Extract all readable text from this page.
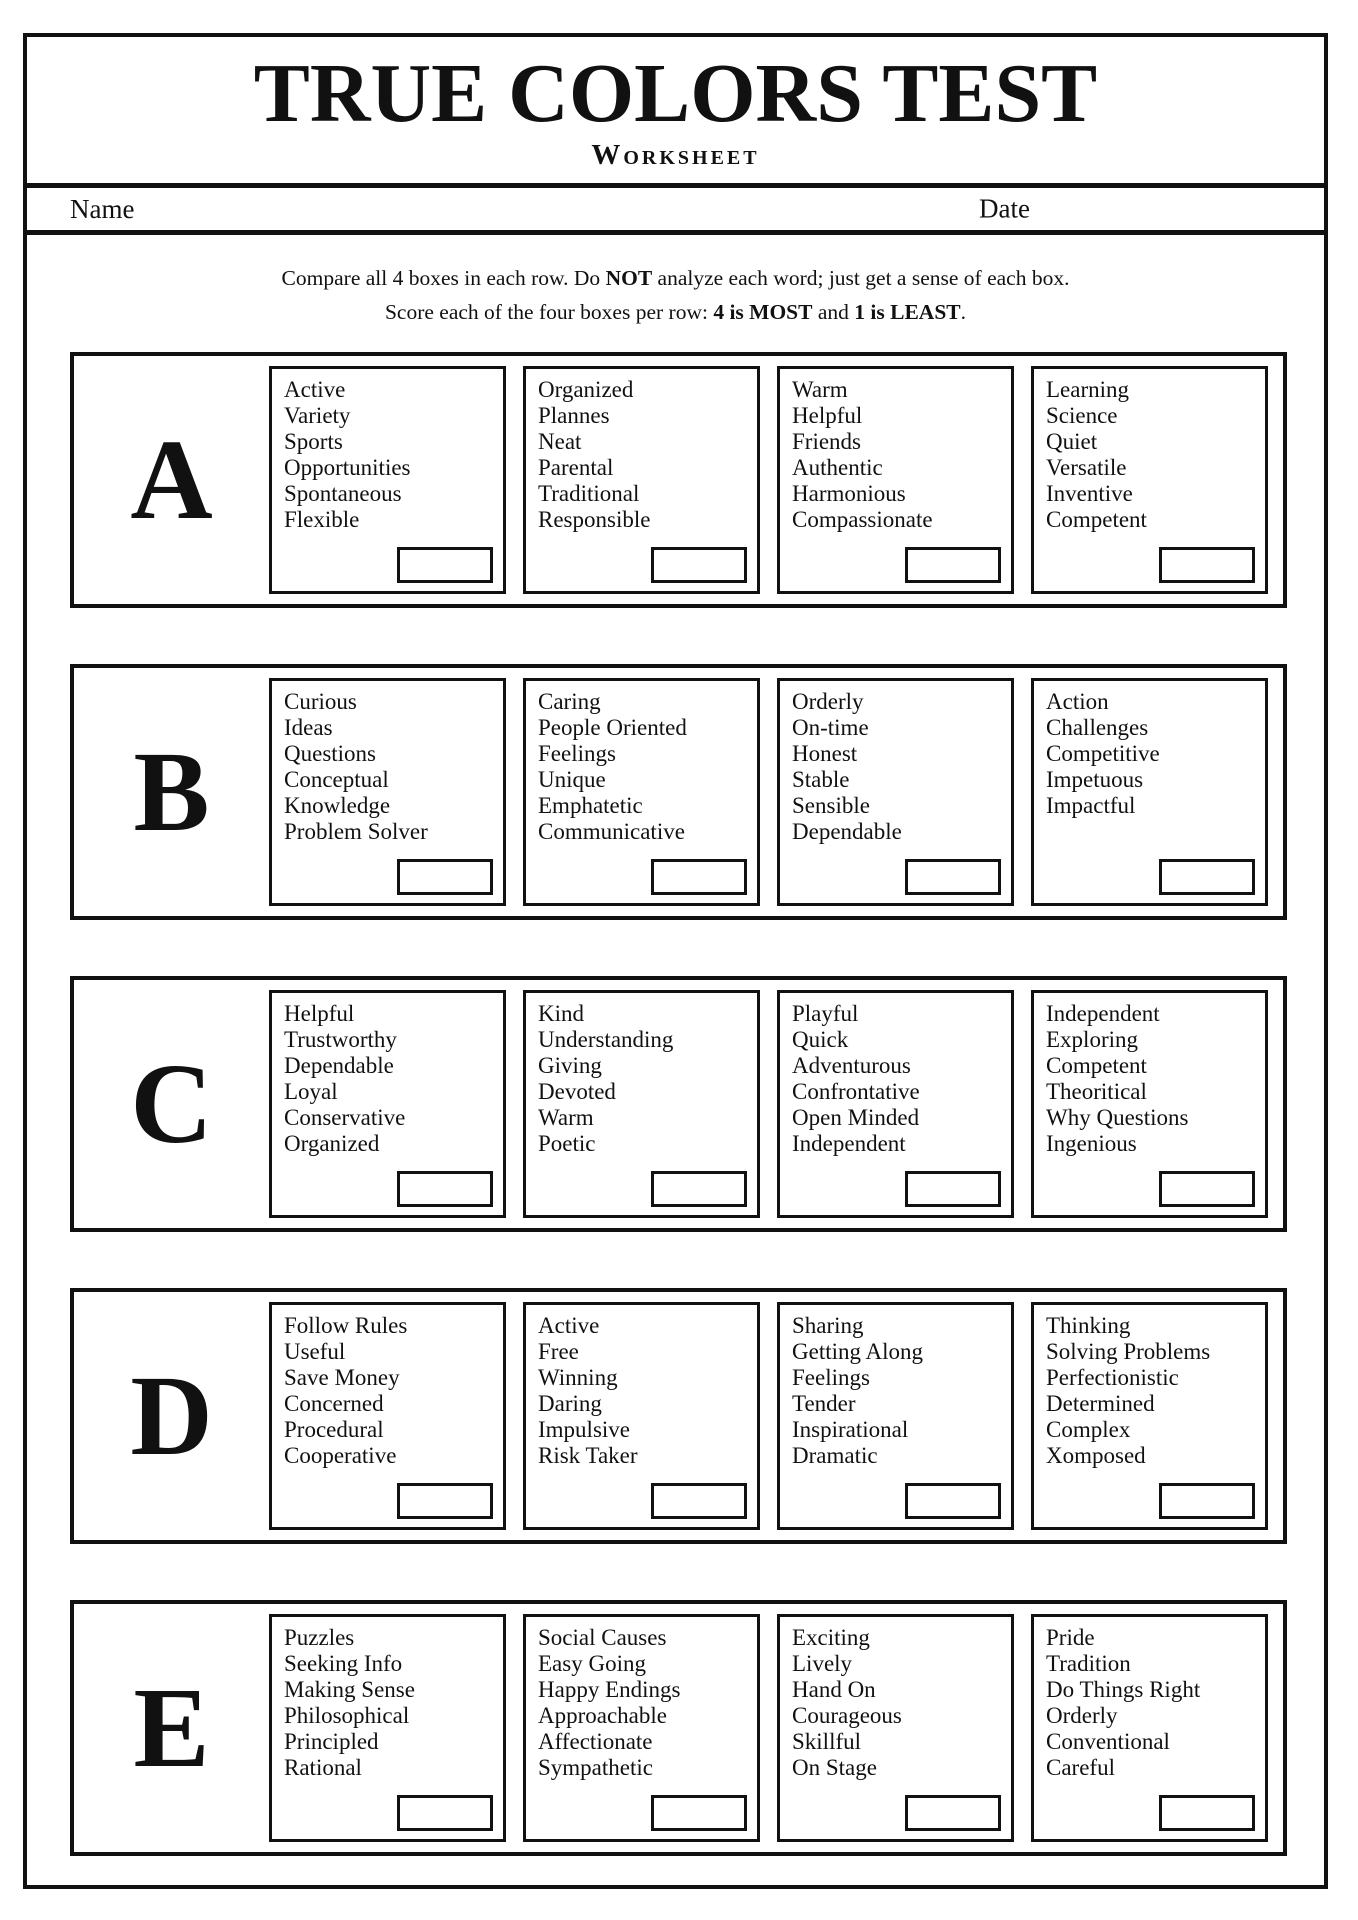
TRUE COLORS TEST
Worksheet
Name	Date

Compare all 4 boxes in each row. Do NOT analyze each word; just get a sense of each box.

Score each of the four boxes per row: 4 is MOST and 1 is LEAST.

A
Active
Variety
Sports
Opportunities
Spontaneous
Flexible
Organized
Plannes
Neat
Parental
Traditional
Responsible
Warm
Helpful
Friends
Authentic
Harmonious
Compassionate
Learning
Science
Quiet
Versatile
Inventive
Competent
B
Curious
Ideas
Questions
Conceptual
Knowledge
Problem Solver
Caring
People Oriented
Feelings
Unique
Emphatetic
Communicative
Orderly
On-time
Honest
Stable
Sensible
Dependable
Action
Challenges
Competitive
Impetuous
Impactful
C
Helpful
Trustworthy
Dependable
Loyal
Conservative
Organized
Kind
Understanding
Giving
Devoted
Warm
Poetic
Playful
Quick
Adventurous
Confrontative
Open Minded
Independent
Independent
Exploring
Competent
Theoritical
Why Questions
Ingenious
D
Follow Rules
Useful
Save Money
Concerned
Procedural
Cooperative
Active
Free
Winning
Daring
Impulsive
Risk Taker
Sharing
Getting Along
Feelings
Tender
Inspirational
Dramatic
Thinking
Solving Problems
Perfectionistic
Determined
Complex
Xomposed
E
Puzzles
Seeking Info
Making Sense
Philosophical
Principled
Rational
Social Causes
Easy Going
Happy Endings
Approachable
Affectionate
Sympathetic
Exciting
Lively
Hand On
Courageous
Skillful
On Stage
Pride
Tradition
Do Things Right
Orderly
Conventional
Careful
